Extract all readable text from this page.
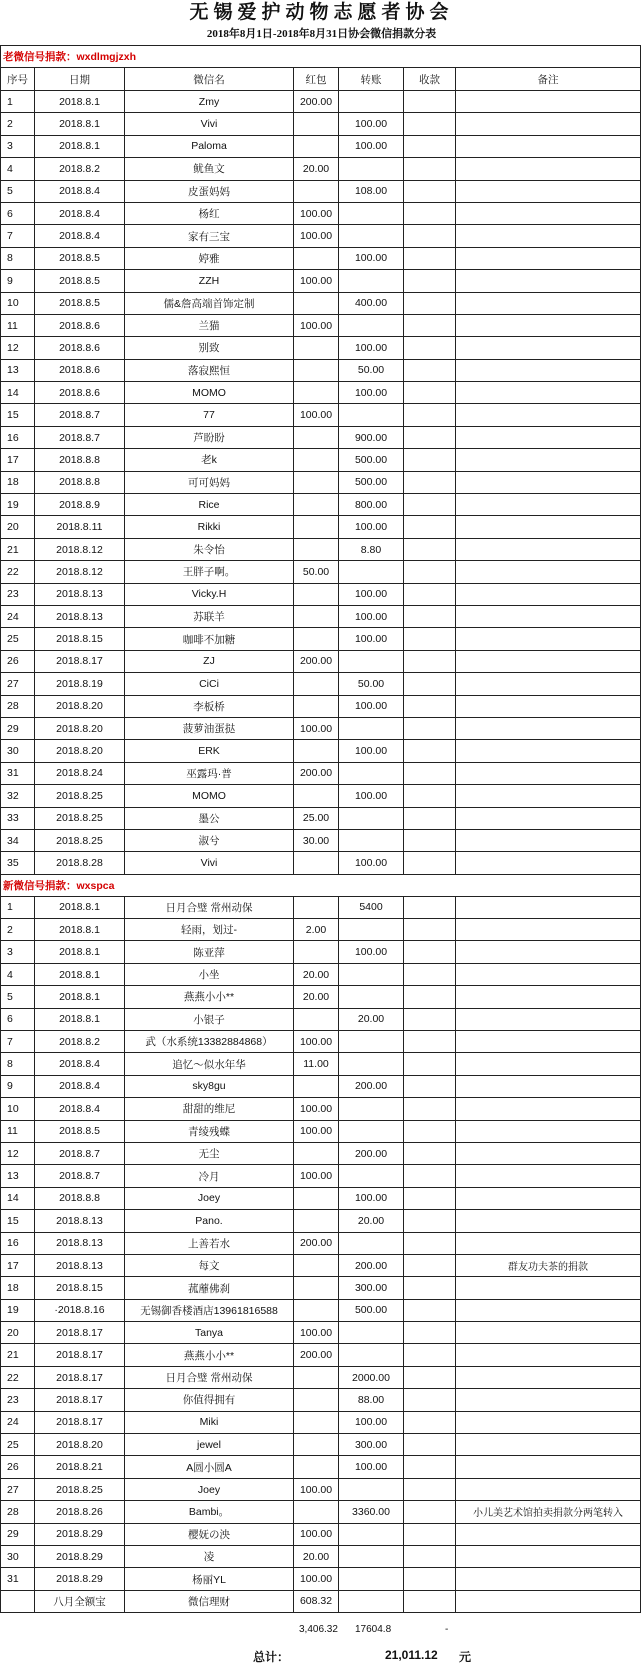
无锡爱护动物志愿者协会
2018年8月1日-2018年8月31日协会微信捐款分表
老微信号捐款：wxdlmgjzxh						
序号	日期	微信名	红包	转账	收款	备注
1	2018.8.1	Zmy	200.00			
2	2018.8.1	Vivi		100.00		
3	2018.8.1	Paloma		100.00		
4	2018.8.2	鱿鱼文	20.00			
5	2018.8.4	皮蛋妈妈		108.00		
6	2018.8.4	杨红	100.00			
7	2018.8.4	家有三宝	100.00			
8	2018.8.5	婷雅		100.00		
9	2018.8.5	ZZH	100.00			
10	2018.8.5	儒&詹高端首饰定制		400.00		
11	2018.8.6	兰猫	100.00			
12	2018.8.6	别致		100.00		
13	2018.8.6	落寂熙恒		50.00		
14	2018.8.6	MOMO		100.00		
15	2018.8.7	77	100.00			
16	2018.8.7	芦盼盼		900.00		
17	2018.8.8	老k		500.00		
18	2018.8.8	可可妈妈		500.00		
19	2018.8.9	Rice		800.00		
20	2018.8.11	Rikki		100.00		
21	2018.8.12	朱令怡		8.80		
22	2018.8.12	王胖子啊。	50.00			
23	2018.8.13	Vicky.H		100.00		
24	2018.8.13	苏联羊		100.00		
25	2018.8.15	咖啡不加糖		100.00		
26	2018.8.17	ZJ	200.00			
27	2018.8.19	CiCi		50.00		
28	2018.8.20	李板桥		100.00		
29	2018.8.20	菠萝油蛋挞	100.00			
30	2018.8.20	ERK		100.00		
31	2018.8.24	巫露玛·普	200.00			
32	2018.8.25	MOMO		100.00		
33	2018.8.25	墨公	25.00			
34	2018.8.25	淑兮	30.00			
35	2018.8.28	Vivi		100.00		
新微信号捐款：wxspca						
1	2018.8.1	日月合璧 常州动保		5400		
2	2018.8.1	轻雨，划过-	2.00			
3	2018.8.1	陈亚萍		100.00		
4	2018.8.1	小坐	20.00			
5	2018.8.1	燕燕小小**	20.00			
6	2018.8.1	小银子		20.00		
7	2018.8.2	武（水系统13382884868）	100.00			
8	2018.8.4	追忆～似水年华	11.00			
9	2018.8.4	sky8gu		200.00		
10	2018.8.4	甜甜的维尼	100.00			
11	2018.8.5	青绫残蝶	100.00			
12	2018.8.7	无尘		200.00		
13	2018.8.7	冷月	100.00			
14	2018.8.8	Joey		100.00		
15	2018.8.13	Pano.		20.00		
16	2018.8.13	上善若水	200.00			
17	2018.8.13	每文		200.00		群友功夫茶的捐款
18	2018.8.15	菰蘼佛刹		300.00		
19	·2018.8.16	无锡御香楼酒店13961816588		500.00		
20	2018.8.17	Tanya	100.00			
21	2018.8.17	燕燕小小**	200.00			
22	2018.8.17	日月合璧 常州动保		2000.00		
23	2018.8.17	你值得拥有		88.00		
24	2018.8.17	Miki		100.00		
25	2018.8.20	jewel		300.00		
26	2018.8.21	A圆小圆A		100.00		
27	2018.8.25	Joey	100.00			
28	2018.8.26	Bambi。		3360.00		小儿美艺术馆拍卖捐款分两笔转入
29	2018.8.29	樱妩の泱	100.00			
30	2018.8.29	凌	20.00			
31	2018.8.29	杨丽YL	100.00			
	八月全额宝	微信理财	608.32			
3,406.32 17604.8	-
总计：	21,011.12 元
